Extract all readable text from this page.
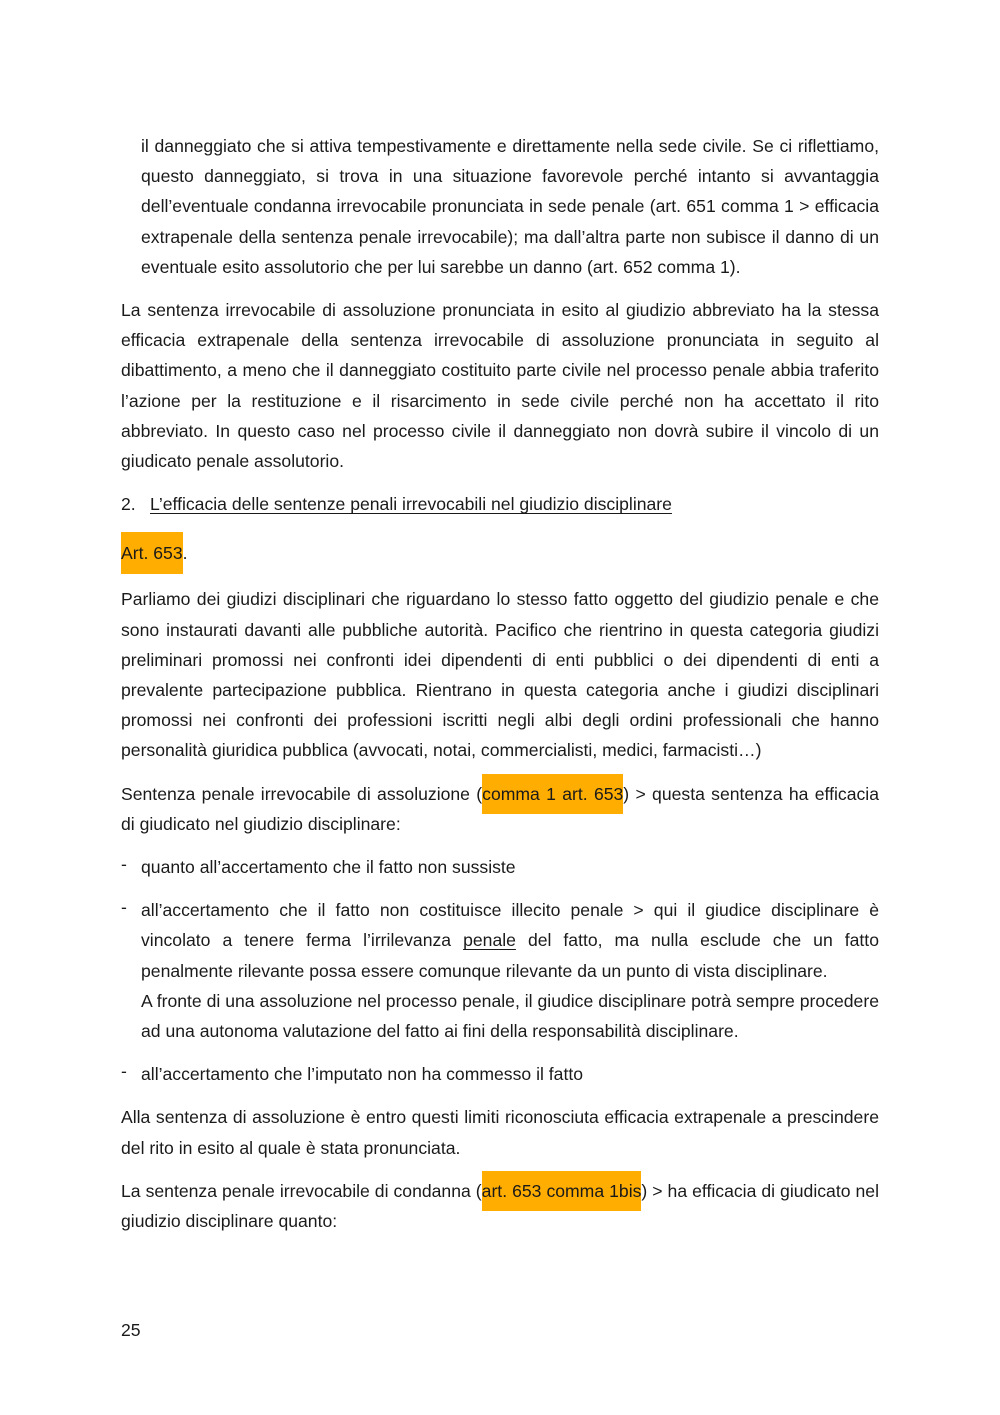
il danneggiato che si attiva tempestivamente e direttamente nella sede civile. Se ci riflettiamo, questo danneggiato, si trova in una situazione favorevole perché intanto si avvantaggia dell’eventuale condanna irrevocabile pronunciata in sede penale (art. 651 comma 1 > efficacia extrapenale della sentenza penale irrevocabile); ma dall’altra parte non subisce il danno di un eventuale esito assolutorio che per lui sarebbe un danno (art. 652 comma 1).

La sentenza irrevocabile di assoluzione pronunciata in esito al giudizio abbreviato ha la stessa efficacia extrapenale della sentenza irrevocabile di assoluzione pronunciata in seguito al dibattimento, a meno che il danneggiato costituito parte civile nel processo penale abbia traferito l’azione per la restituzione e il risarcimento in sede civile perché non ha accettato il rito abbreviato. In questo caso nel processo civile il danneggiato non dovrà subire il vincolo di un giudicato penale assolutorio.

2. L’efficacia delle sentenze penali irrevocabili nel giudizio disciplinare

Art. 653.

Parliamo dei giudizi disciplinari che riguardano lo stesso fatto oggetto del giudizio penale e che sono instaurati davanti alle pubbliche autorità. Pacifico che rientrino in questa categoria giudizi preliminari promossi nei confronti idei dipendenti di enti pubblici o dei dipendenti di enti a prevalente partecipazione pubblica. Rientrano in questa categoria anche i giudizi disciplinari promossi nei confronti dei professioni iscritti negli albi degli ordini professionali che hanno personalità giuridica pubblica (avvocati, notai, commercialisti, medici, farmacisti…)

Sentenza penale irrevocabile di assoluzione (comma 1 art. 653) > questa sentenza ha efficacia di giudicato nel giudizio disciplinare:

- quanto all’accertamento che il fatto non sussiste
- all’accertamento che il fatto non costituisce illecito penale > qui il giudice disciplinare è vincolato a tenere ferma l’irrilevanza penale del fatto, ma nulla esclude che un fatto penalmente rilevante possa essere comunque rilevante da un punto di vista disciplinare.
A fronte di una assoluzione nel processo penale, il giudice disciplinare potrà sempre procedere ad una autonoma valutazione del fatto ai fini della responsabilità disciplinare.
- all’accertamento che l’imputato non ha commesso il fatto

Alla sentenza di assoluzione è entro questi limiti riconosciuta efficacia extrapenale a prescindere del rito in esito al quale è stata pronunciata.

La sentenza penale irrevocabile di condanna (art. 653 comma 1bis) > ha efficacia di giudicato nel giudizio disciplinare quanto:

25
